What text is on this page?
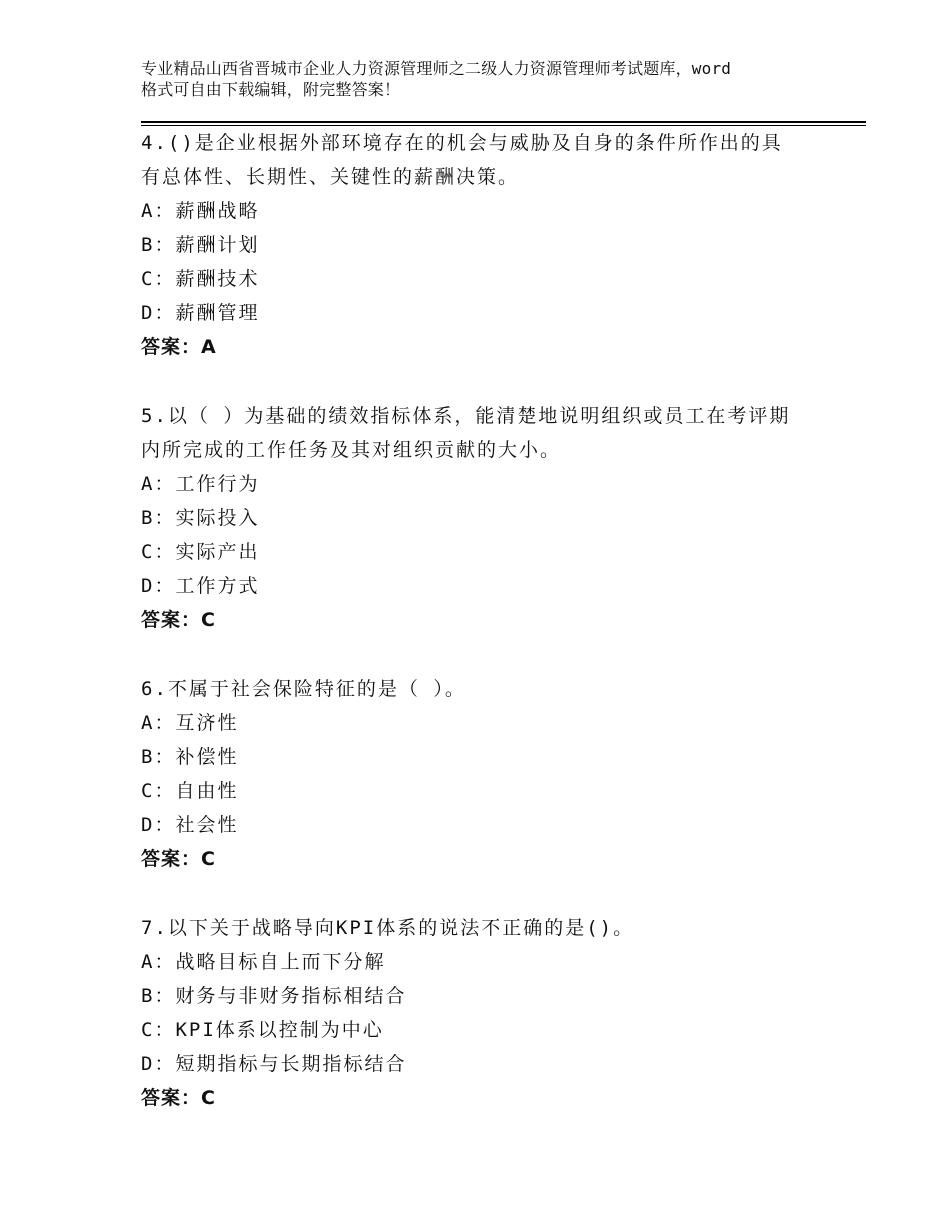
专业精品山西省晋城市企业人力资源管理师之二级人力资源管理师考试题库，word
格式可自由下载编辑，附完整答案！
4.()是企业根据外部环境存在的机会与威胁及自身的条件所作出的具
有总体性、长期性、关键性的薪酬决策。
A：薪酬战略
B：薪酬计划
C：薪酬技术
D：薪酬管理
答案：A
5.以（ ）为基础的绩效指标体系，能清楚地说明组织或员工在考评期
内所完成的工作任务及其对组织贡献的大小。
A：工作行为
B：实际投入
C：实际产出
D：工作方式
答案：C
6.不属于社会保险特征的是（ ）。
A：互济性
B：补偿性
C：自由性
D：社会性
答案：C
7.以下关于战略导向KPI体系的说法不正确的是()。
A：战略目标自上而下分解
B：财务与非财务指标相结合
C：KPI体系以控制为中心
D：短期指标与长期指标结合
答案：C
